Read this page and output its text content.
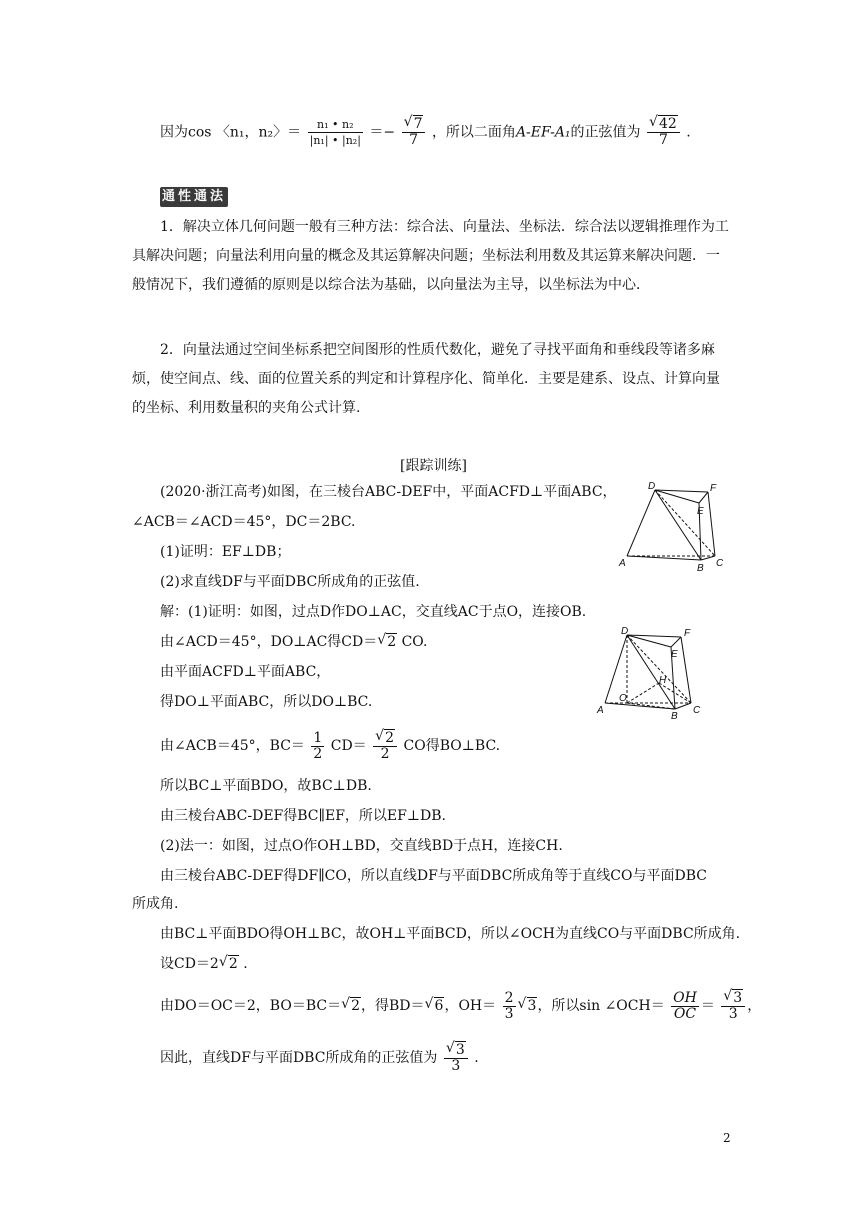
因为cos 〈n₁，n₂〉＝ $\frac{\text{n₁ • n₂}}{\text{|n₁| • |n₂|}}$ ＝− √ $\frac{7}{7}$ ，所以二面角A-EF-A₁的正弦值为 √ $\frac{42}{7}$ .
通性通法
1．解决立体几何问题一般有三种方法：综合法、向量法、坐标法．综合法以逻辑推理作为工具解决问题；向量法利用向量的概念及其运算解决问题；坐标法利用数及其运算来解决问题．一般情况下，我们遵循的原则是以综合法为基础，以向量法为主导，以坐标法为中心．
2．向量法通过空间坐标系把空间图形的性质代数化，避免了寻找平面角和垂线段等诸多麻烦，使空间点、线、面的位置关系的判定和计算程序化、简单化．主要是建系、设点、计算向量的坐标、利用数量积的夹角公式计算.
[跟踪训练]
(2020·浙江高考)如图，在三棱台ABC-DEF中，平面ACFD⊥平面ABC，
∠ACB＝∠ACD＝45°，DC＝2BC.
(1)证明：EF⊥DB；
(2)求直线DF与平面DBC所成角的正弦值.
D	F
E
A	B C
解：(1)证明：如图，过点D作DO⊥AC，交直线AC于点O，连接OB.
由∠ACD＝45°，DO⊥AC得CD＝ √ 2 CO.
由平面ACFD⊥平面ABC，
得DO⊥平面ABC，所以DO⊥BC.
由∠ACB＝45°，$BC= \frac{1}{2} CD=$ √ $\frac{2}{2}$ CO得BO⊥BC.
所以BC⊥平面BDO，故BC⊥DB.
由三棱台ABC-DEF得BC∥EF，所以EF⊥DB.
(2)法一：如图，过点O作OH⊥BD，交直线BD于点H，连接CH.
由三棱台ABC-DEF得DF∥CO，所以直线DF与平面DBC所成角等于直线CO与平面DBC
所成角.
由BC⊥平面BDO得OH⊥BC，故OH⊥平面BCD，所以∠OCH为直线CO与平面DBC所成角.
设CD＝2 √ 2 .
由DO＝OC＝2，BO＝BC＝ √ 2，得BD＝ √ 6，$OH= \frac{2}{3}$ √ 3，所以sin ∠OCH＝ $\frac{OH}{OC}$ ＝ √ $\frac{3}{3}$ ，
因此，直线DF与平面DBC所成角的正弦值为 √ $\frac{3}{3}$ .
D	F
E
H
O
A
B
C
2
